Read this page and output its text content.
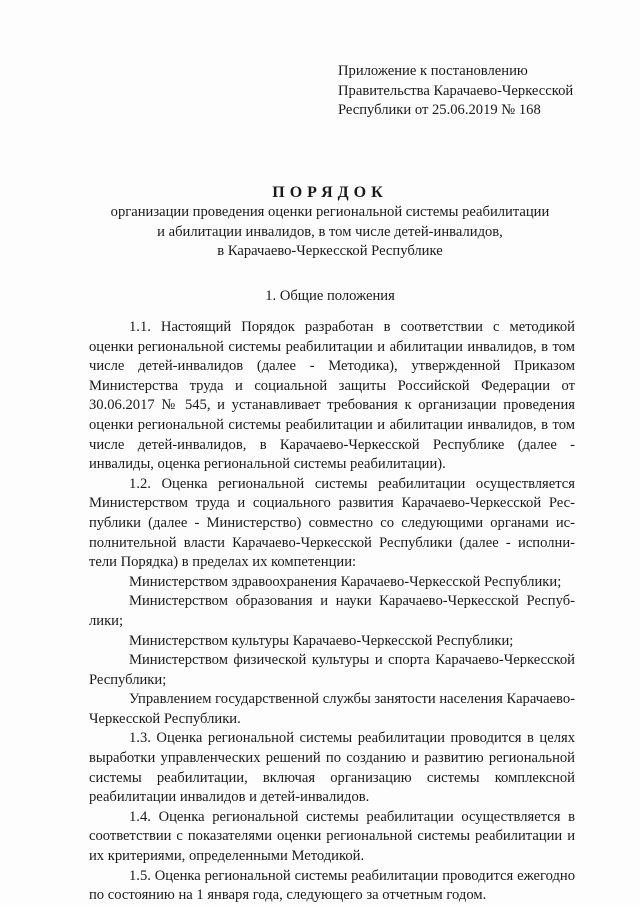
Приложение к постановлению
Правительства Карачаево-Черкесской
Республики от 25.06.2019 № 168
ПОРЯДОК
организации проведения оценки региональной системы реабилитации
и абилитации инвалидов, в том числе детей-инвалидов,
в Карачаево-Черкесской Республике
1. Общие положения

1.1. Настоящий Порядок разработан в соответствии с методикой оценки региональной системы реабилитации и абилитации инвалидов, в том числе детей-инвалидов (далее - Методика), утвержденной Приказом Министерства труда и социальной защиты Российской Федерации от 30.06.2017 № 545, и устанавливает требования к организации проведения оценки региональной системы реабилитации и абилитации инвалидов, в том числе детей-инвалидов, в Карачаево-Черкесской Республике (далее - инвалиды, оценка региональной системы реабилитации).

1.2. Оценка региональной системы реабилитации осуществляется Министерством труда и социального развития Карачаево-Черкесской Республики (далее - Министерство) совместно со следующими органами исполнительной власти Карачаево-Черкесской Республики (далее - исполнители Порядка) в пределах их компетенции:

Министерством здравоохранения Карачаево-Черкесской Республики;

Министерством образования и науки Карачаево-Черкесской Республики;

Министерством культуры Карачаево-Черкесской Республики;

Министерством физической культуры и спорта Карачаево-Черкесской Республики;

Управлением государственной службы занятости населения Карачаево-Черкесской Республики.

1.3. Оценка региональной системы реабилитации проводится в целях выработки управленческих решений по созданию и развитию региональной системы реабилитации, включая организацию системы комплексной реабилитации инвалидов и детей-инвалидов.

1.4. Оценка региональной системы реабилитации осуществляется в соответствии с показателями оценки региональной системы реабилитации и их критериями, определенными Методикой.

1.5. Оценка региональной системы реабилитации проводится ежегодно по состоянию на 1 января года, следующего за отчетным годом.
